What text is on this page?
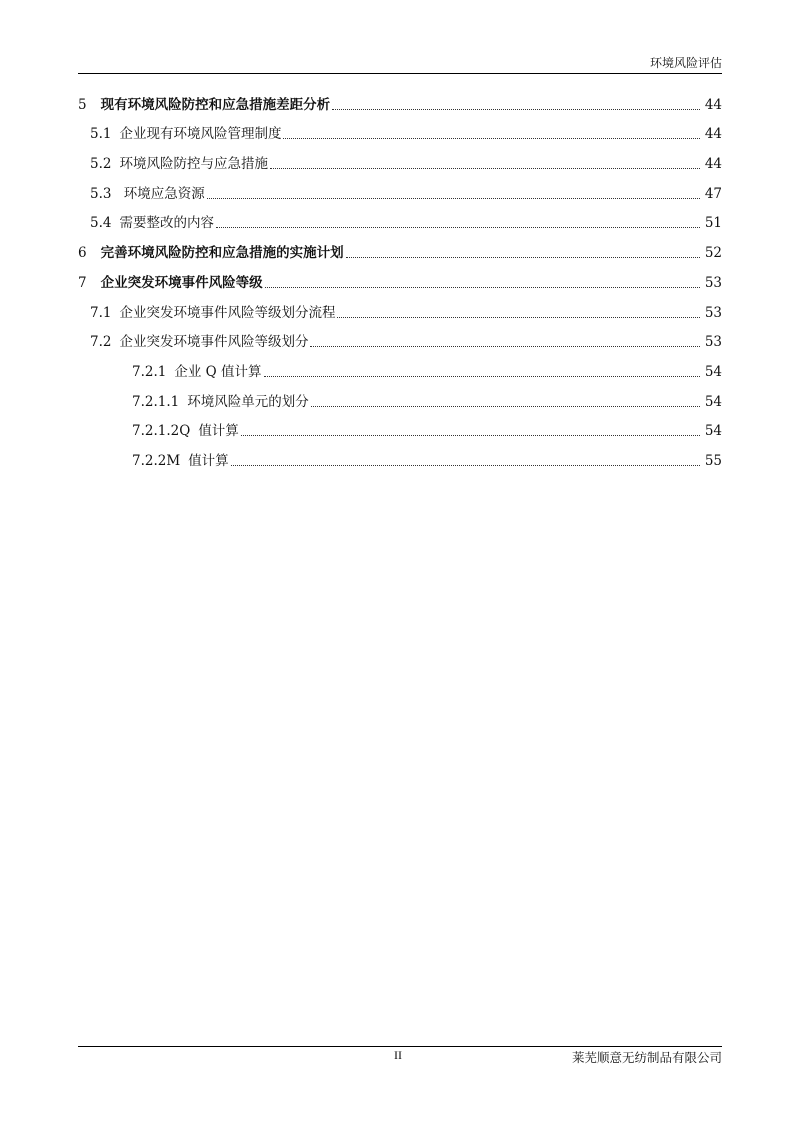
环境风险评估
5 现有环境风险防控和应急措施差距分析	44
5.1 企业现有环境风险管理制度	44
5.2 环境风险防控与应急措施	44
5.3 环境应急资源	47
5.4 需要整改的内容	51
6 完善环境风险防控和应急措施的实施计划	52
7 企业突发环境事件风险等级	53
7.1 企业突发环境事件风险等级划分流程	53
7.2 企业突发环境事件风险等级划分	53
7.2.1 企业 Q 值计算	54
7.2.1.1 环境风险单元的划分	54
7.2.1.2Q 值计算	54
7.2.2M 值计算	55
II	莱芜顺意无纺制品有限公司
